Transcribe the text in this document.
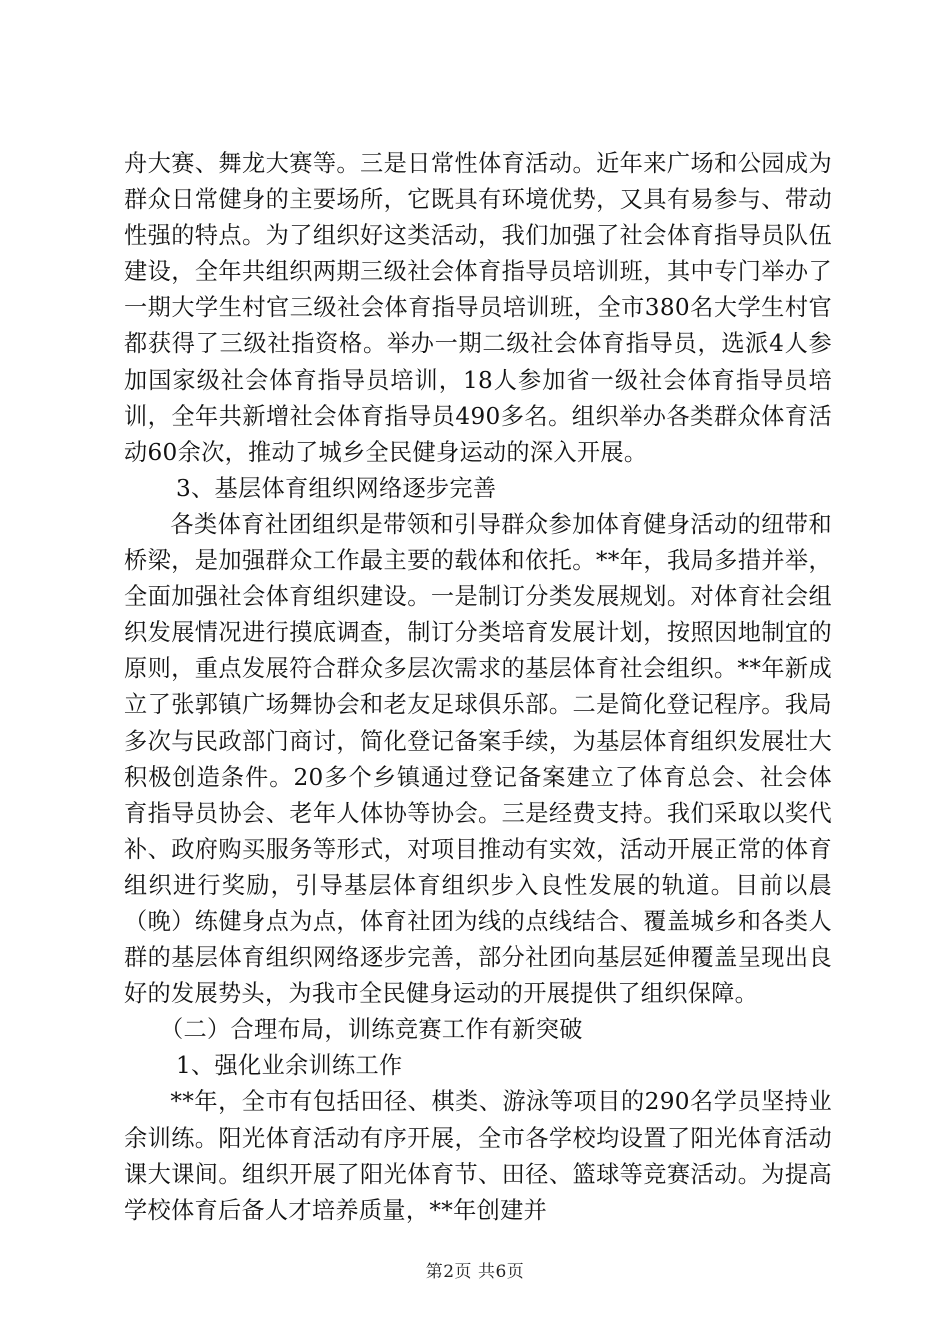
舟大赛、舞龙大赛等。三是日常性体育活动。近年来广场和公园成为群众日常健身的主要场所，它既具有环境优势，又具有易参与、带动性强的特点。为了组织好这类活动，我们加强了社会体育指导员队伍建设，全年共组织两期三级社会体育指导员培训班，其中专门举办了一期大学生村官三级社会体育指导员培训班，全市380名大学生村官都获得了三级社指资格。举办一期二级社会体育指导员，选派4人参加国家级社会体育指导员培训，18人参加省一级社会体育指导员培训，全年共新增社会体育指导员490多名。组织举办各类群众体育活动60余次，推动了城乡全民健身运动的深入开展。

3、基层体育组织网络逐步完善

各类体育社团组织是带领和引导群众参加体育健身活动的纽带和桥梁，是加强群众工作最主要的载体和依托。**年，我局多措并举，全面加强社会体育组织建设。一是制订分类发展规划。对体育社会组织发展情况进行摸底调查，制订分类培育发展计划，按照因地制宜的原则，重点发展符合群众多层次需求的基层体育社会组织。**年新成立了张郭镇广场舞协会和老友足球俱乐部。二是简化登记程序。我局多次与民政部门商讨，简化登记备案手续，为基层体育组织发展壮大积极创造条件。20多个乡镇通过登记备案建立了体育总会、社会体育指导员协会、老年人体协等协会。三是经费支持。我们采取以奖代补、政府购买服务等形式，对项目推动有实效，活动开展正常的体育组织进行奖励，引导基层体育组织步入良性发展的轨道。目前以晨（晚）练健身点为点，体育社团为线的点线结合、覆盖城乡和各类人群的基层体育组织网络逐步完善，部分社团向基层延伸覆盖呈现出良好的发展势头，为我市全民健身运动的开展提供了组织保障。

（二）合理布局，训练竞赛工作有新突破

1、强化业余训练工作

**年，全市有包括田径、棋类、游泳等项目的290名学员坚持业余训练。阳光体育活动有序开展，全市各学校均设置了阳光体育活动课大课间。组织开展了阳光体育节、田径、篮球等竞赛活动。为提高学校体育后备人才培养质量，**年创建并

第2页 共6页
